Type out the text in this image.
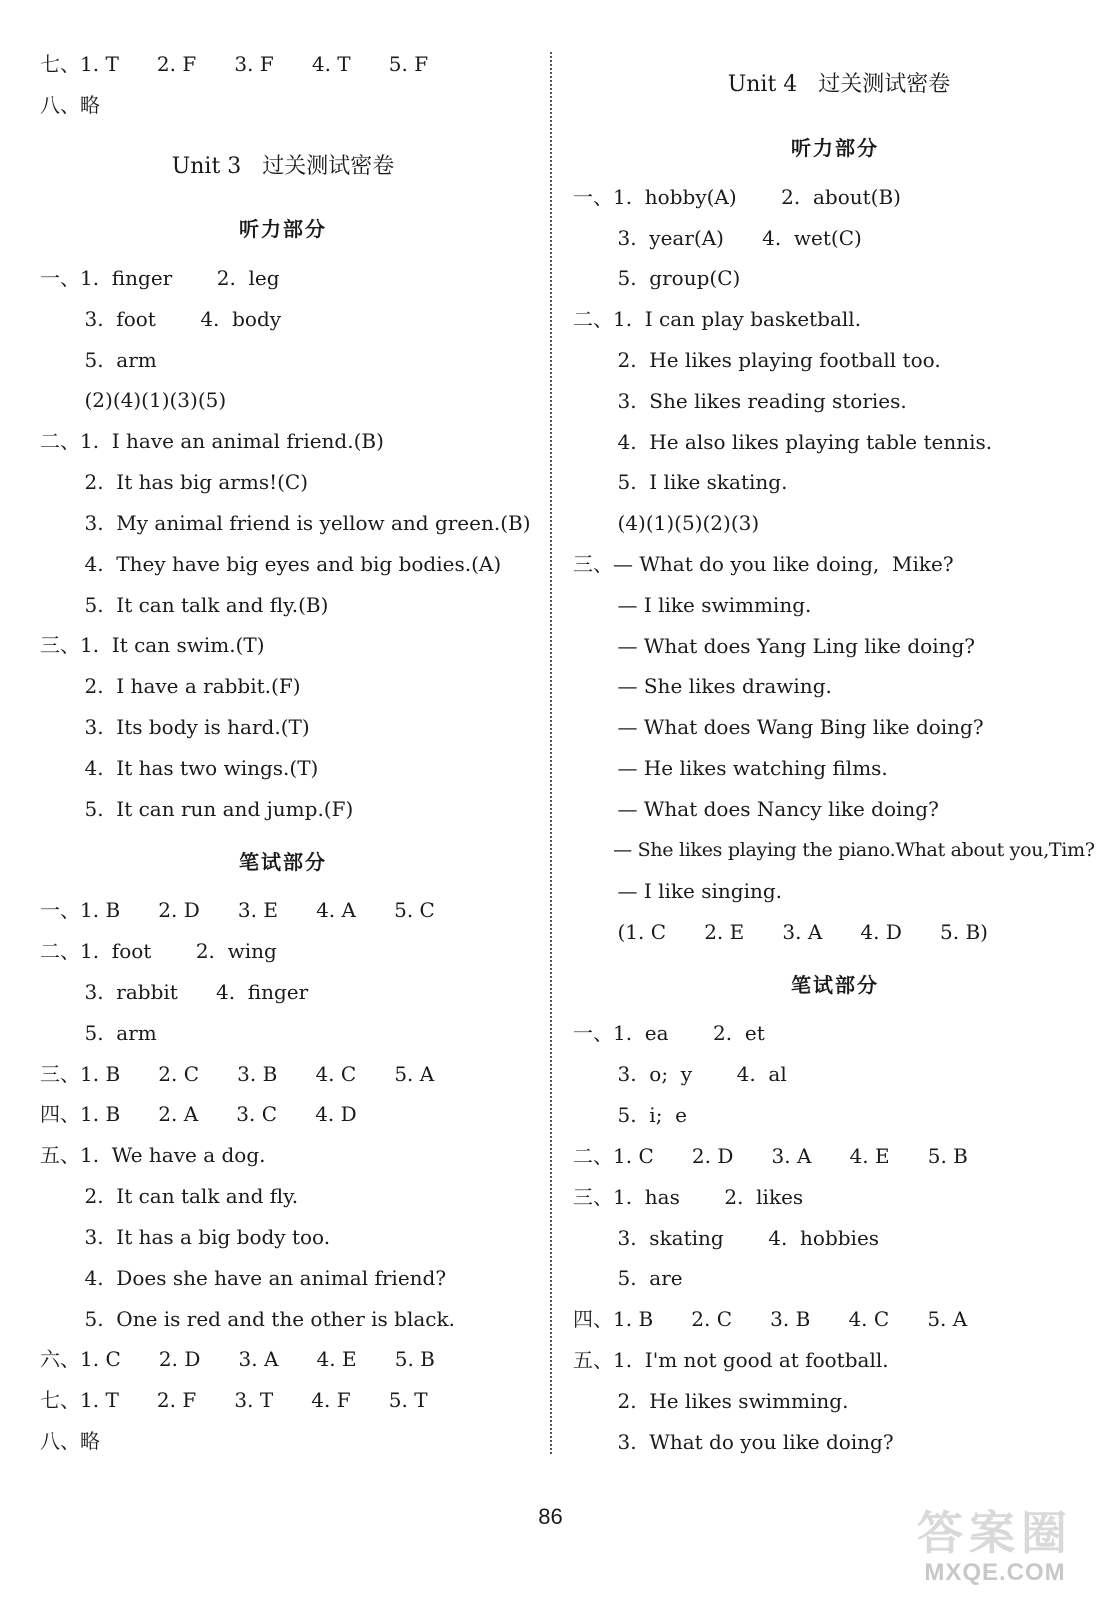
七、1. T      2. F      3. F      4. T      5. F
八、略
Unit 3   过关测试密卷
听力部分
一、1.  finger       2.  leg
3.  foot       4.  body
5.  arm
(2)(4)(1)(3)(5)
二、1.  I have an animal friend.(B)
2.  It has big arms!(C)
3.  My animal friend is yellow and green.(B)
4.  They have big eyes and big bodies.(A)
5.  It can talk and fly.(B)
三、1.  It can swim.(T)
2.  I have a rabbit.(F)
3.  Its body is hard.(T)
4.  It has two wings.(T)
5.  It can run and jump.(F)
笔试部分
一、1. B      2. D      3. E      4. A      5. C
二、1.  foot       2.  wing
3.  rabbit      4.  finger
5.  arm
三、1. B      2. C      3. B      4. C      5. A
四、1. B      2. A      3. C      4. D
五、1.  We have a dog.
2.  It can talk and fly.
3.  It has a big body too.
4.  Does she have an animal friend?
5.  One is red and the other is black.
六、1. C      2. D      3. A      4. E      5. B
七、1. T      2. F      3. T      4. F      5. T
八、略
Unit 4   过关测试密卷
听力部分
一、1.  hobby(A)       2.  about(B)
3.  year(A)      4.  wet(C)
5.  group(C)
二、1.  I can play basketball.
2.  He likes playing football too.
3.  She likes reading stories.
4.  He also likes playing table tennis.
5.  I like skating.
(4)(1)(5)(2)(3)
三、— What do you like doing,  Mike?
— I like swimming.
— What does Yang Ling like doing?
— She likes drawing.
— What does Wang Bing like doing?
— He likes watching films.
— What does Nancy like doing?
— She likes playing the piano.What about you,Tim?
— I like singing.
(1. C      2. E      3. A      4. D      5. B)
笔试部分
一、1.  ea       2.  et
3.  o;  y       4.  al
5.  i;  e
二、1. C      2. D      3. A      4. E      5. B
三、1.  has       2.  likes
3.  skating       4.  hobbies
5.  are
四、1. B      2. C      3. B      4. C      5. A
五、1.  I'm not good at football.
2.  He likes swimming.
3.  What do you like doing?
86	答案圈
MXQE.COM
